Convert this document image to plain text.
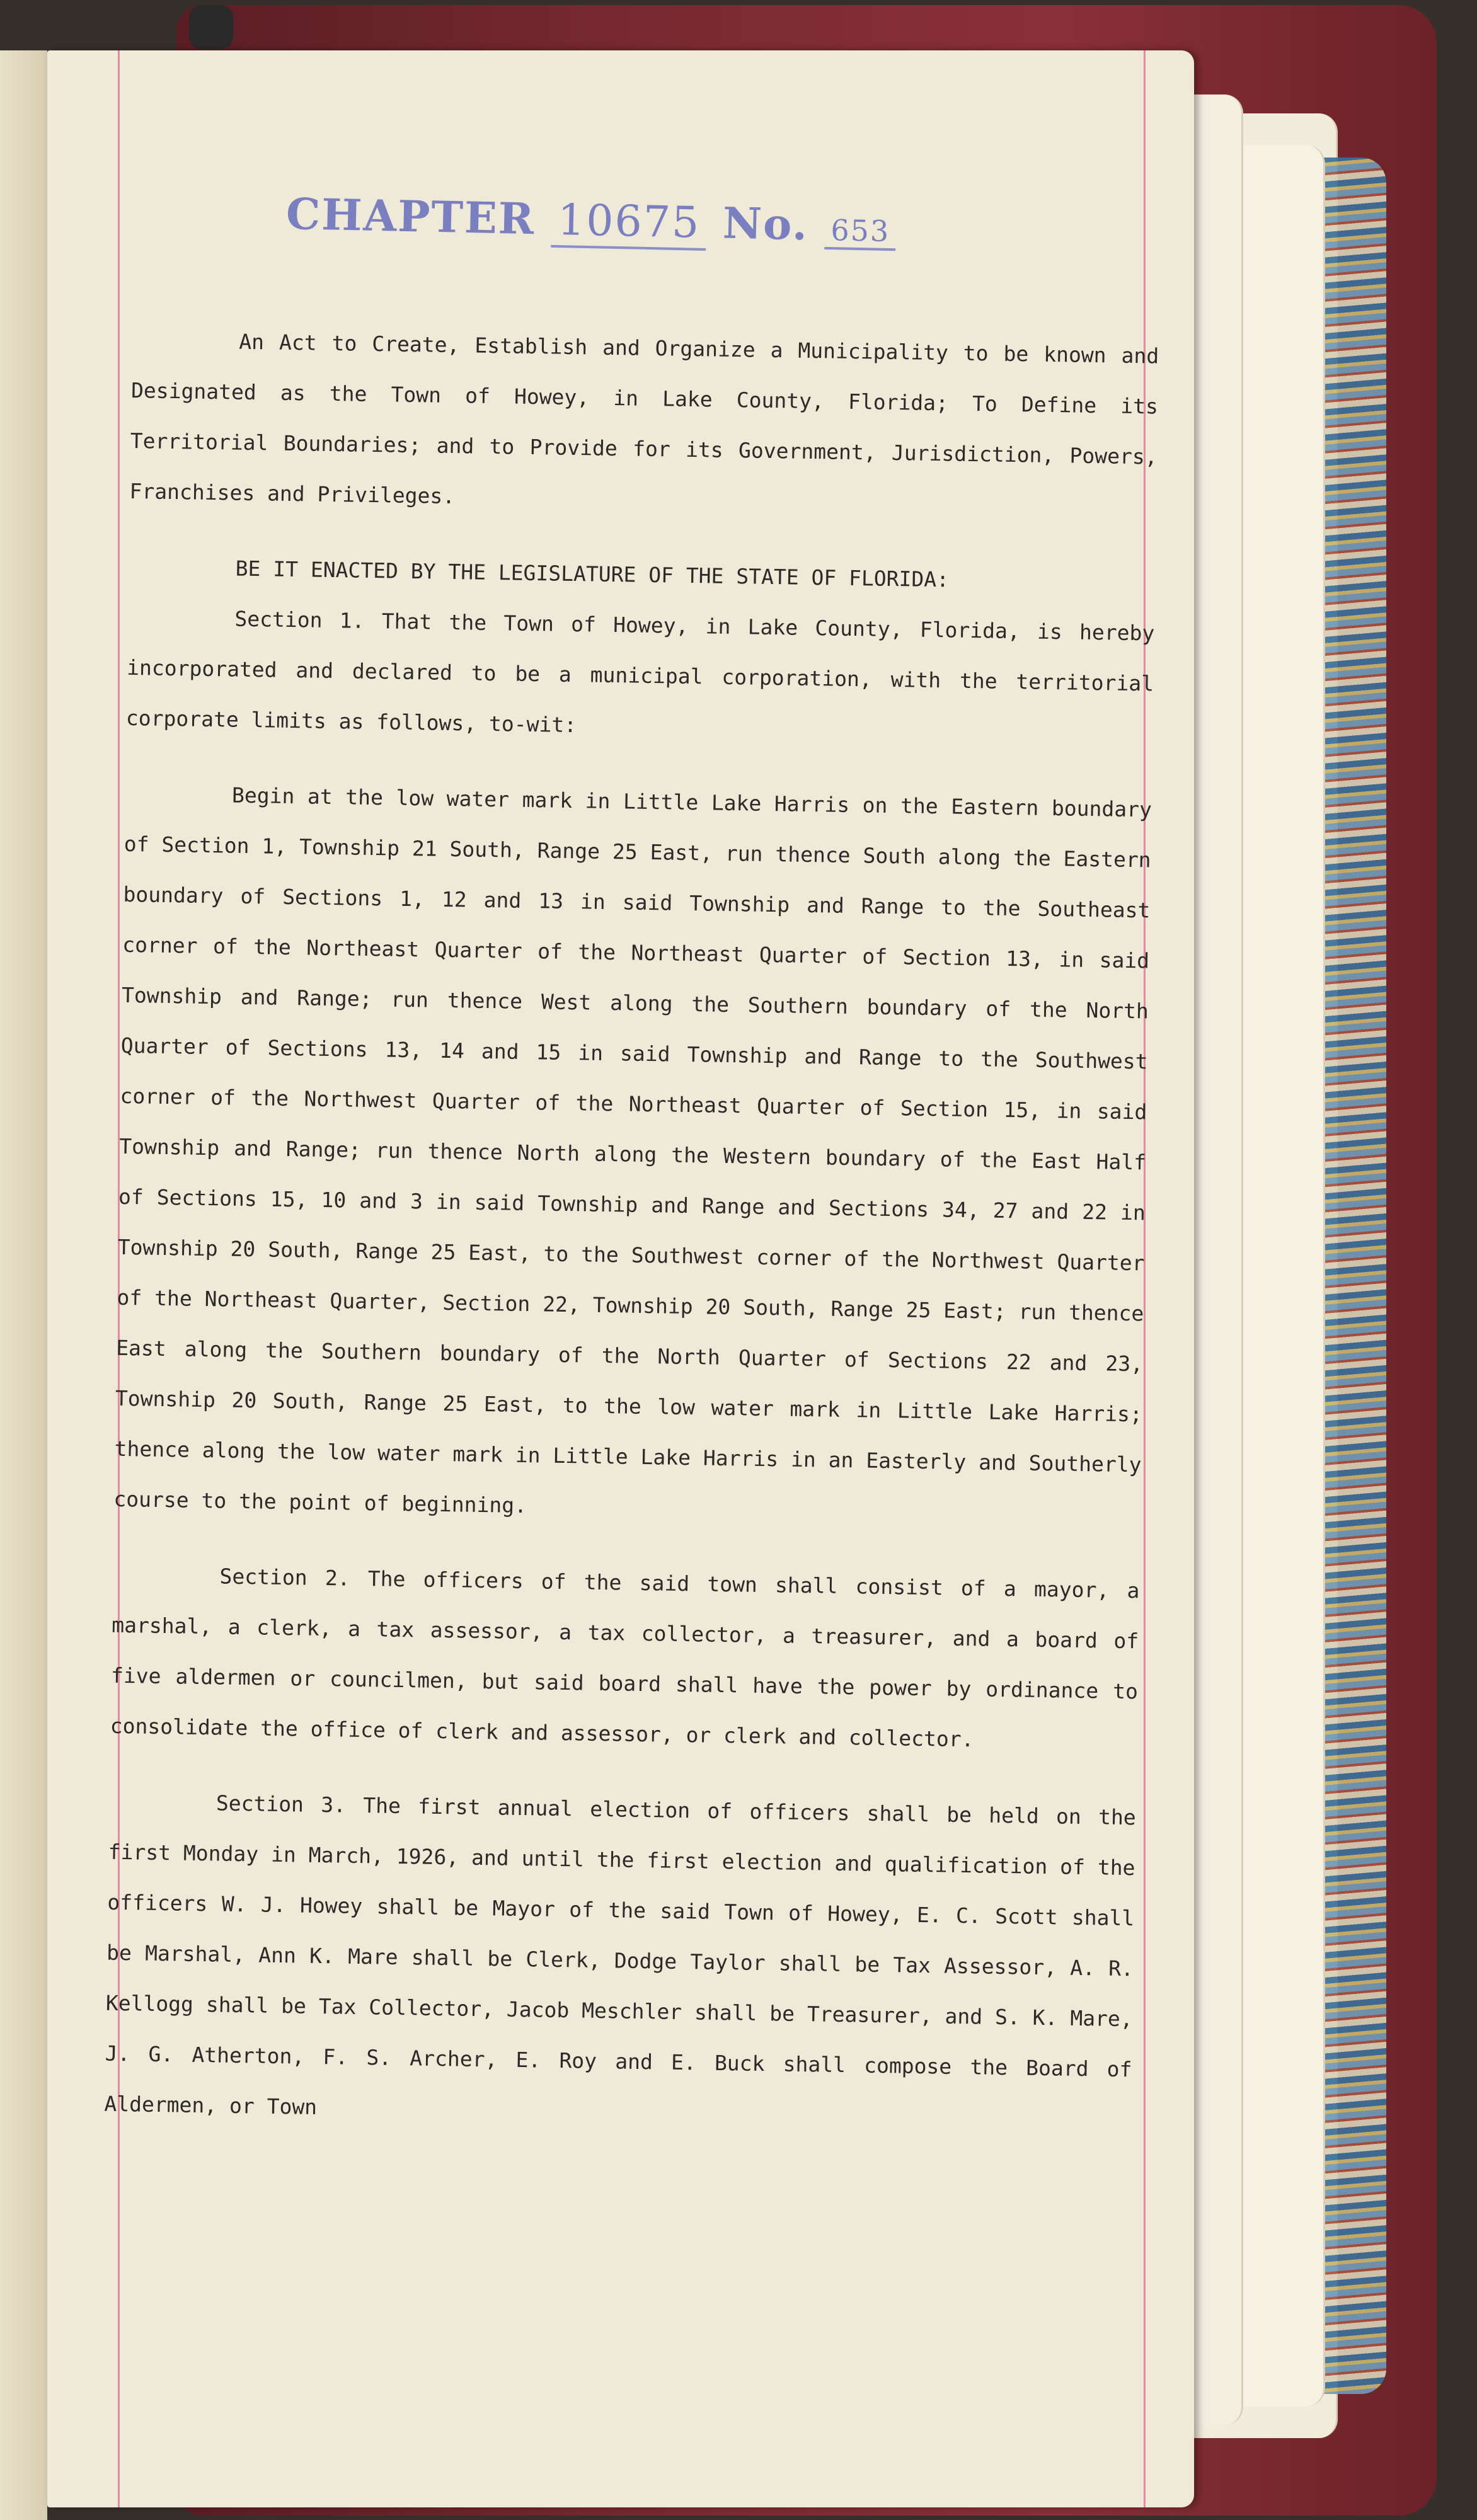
CHAPTER 10675 No. 653

An Act to Create, Establish and Organize a Municipality to be known and Designated as the Town of Howey, in Lake County, Florida; To Define its Territorial Boundaries; and to Provide for its Government, Jurisdiction, Powers, Franchises and Privileges.

BE IT ENACTED BY THE LEGISLATURE OF THE STATE OF FLORIDA:

Section 1. That the Town of Howey, in Lake County, Florida, is hereby incorporated and declared to be a municipal corporation, with the territorial corporate limits as follows, to-wit:

Begin at the low water mark in Little Lake Harris on the Eastern boundary of Section 1, Township 21 South, Range 25 East, run thence South along the Eastern boundary of Sections 1, 12 and 13 in said Township and Range to the Southeast corner of the Northeast Quarter of the Northeast Quarter of Section 13, in said Township and Range; run thence West along the Southern boundary of the North Quarter of Sections 13, 14 and 15 in said Township and Range to the Southwest corner of the Northwest Quarter of the Northeast Quarter of Section 15, in said Township and Range; run thence North along the Western boundary of the East Half of Sections 15, 10 and 3 in said Township and Range and Sections 34, 27 and 22 in Township 20 South, Range 25 East, to the Southwest corner of the Northwest Quarter of the Northeast Quarter, Section 22, Township 20 South, Range 25 East; run thence East along the Southern boundary of the North Quarter of Sections 22 and 23, Township 20 South, Range 25 East, to the low water mark in Little Lake Harris; thence along the low water mark in Little Lake Harris in an Easterly and Southerly course to the point of beginning.

Section 2. The officers of the said town shall consist of a mayor, a marshal, a clerk, a tax assessor, a tax collector, a treasurer, and a board of five aldermen or councilmen, but said board shall have the power by ordinance to consolidate the office of clerk and assessor, or clerk and collector.

Section 3. The first annual election of officers shall be held on the first Monday in March, 1926, and until the first election and qualification of the officers W. J. Howey shall be Mayor of the said Town of Howey, E. C. Scott shall be Marshal, Ann K. Mare shall be Clerk, Dodge Taylor shall be Tax Assessor, A. R. Kellogg shall be Tax Collector, Jacob Meschler shall be Treasurer, and S. K. Mare, J. G. Atherton, F. S. Archer, E. Roy and E. Buck shall compose the Board of Aldermen, or Town
